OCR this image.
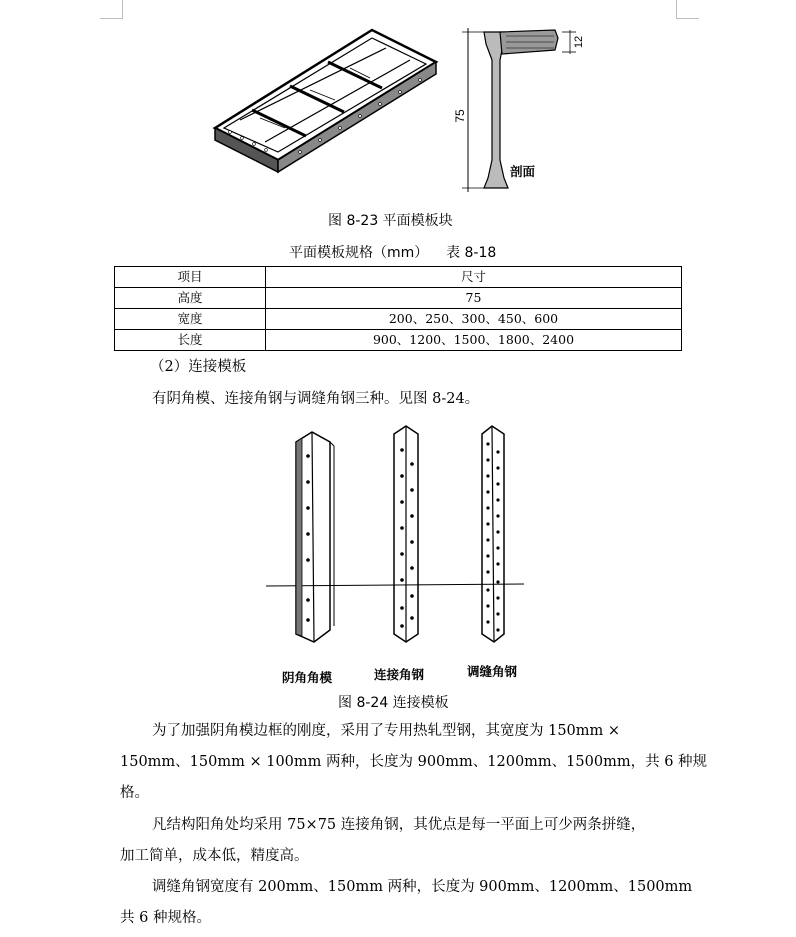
75
12
剖面
图 8-23 平面模板块
平面模板规格（mm）    表 8-18
项目	尺寸
高度	75
宽度	200、250、300、450、600
长度	900、1200、1500、1800、2400
（2）连接模板
有阴角模、连接角钢与调缝角钢三种。见图 8-24。
阴角角模	连接角钢	调缝角钢
图 8-24 连接模板
为了加强阴角模边框的刚度，采用了专用热轧型钢，其宽度为 150mm ×
150mm、150mm × 100mm 两种，长度为 900mm、1200mm、1500mm，共 6 种规
格。
凡结构阳角处均采用 75×75 连接角钢，其优点是每一平面上可少两条拼缝，
加工简单，成本低，精度高。
调缝角钢宽度有 200mm、150mm 两种，长度为 900mm、1200mm、1500mm
共 6 种规格。
